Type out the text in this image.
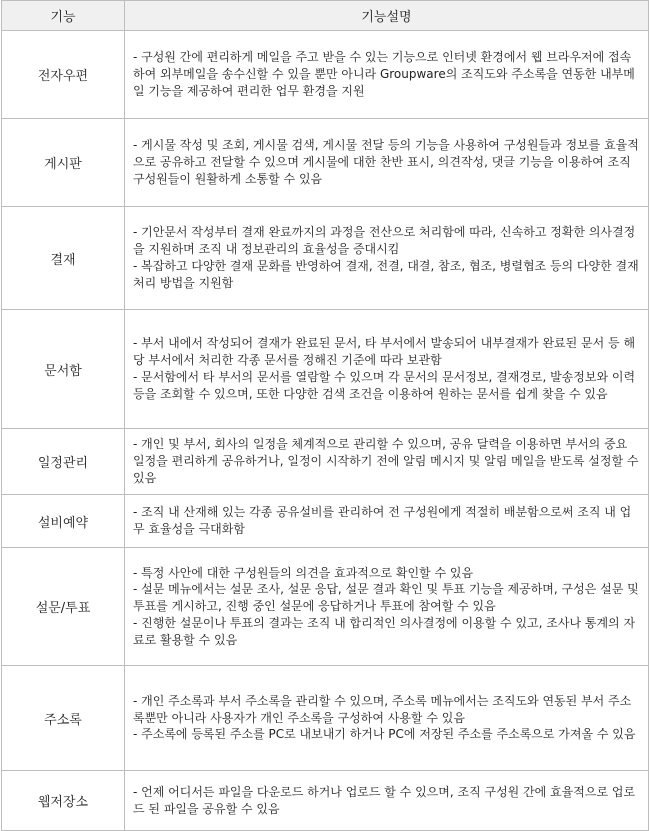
기능	기능설명
전자우편	- 구성원 간에 편리하게 메일을 주고 받을 수 있는 기능으로 인터넷 환경에서 웹 브라우저에 접속하여 외부메일을 송수신할 수 있을 뿐만 아니라 Groupware의 조직도와 주소록을 연동한 내부메일 기능을 제공하여 편리한 업무 환경을 지원

게시판	- 게시물 작성 및 조회, 게시물 검색, 게시물 전달 등의 기능을 사용하여 구성원들과 정보를 효율적으로 공유하고 전달할 수 있으며 게시물에 대한 찬반 표시, 의견작성, 댓글 기능을 이용하여 조직 구성원들이 원활하게 소통할 수 있음

결재	- 기안문서 작성부터 결재 완료까지의 과정을 전산으로 처리함에 따라, 신속하고 정확한 의사결정을 지원하며 조직 내 정보관리의 효율성을 증대시킴
- 복잡하고 다양한 결재 문화를 반영하여 결재, 전결, 대결, 참조, 협조, 병렬협조 등의 다양한 결재 처리 방법을 지원함

문서함	- 부서 내에서 작성되어 결재가 완료된 문서, 타 부서에서 발송되어 내부결재가 완료된 문서 등 해당 부서에서 처리한 각종 문서를 정해진 기준에 따라 보관함
- 문서함에서 타 부서의 문서를 열람할 수 있으며 각 문서의 문서정보, 결재경로, 발송정보와 이력 등을 조회할 수 있으며, 또한 다양한 검색 조건을 이용하여 원하는 문서를 쉽게 찾을 수 있음

일정관리	- 개인 및 부서, 회사의 일정을 체계적으로 관리할 수 있으며, 공유 달력을 이용하면 부서의 중요 일정을 편리하게 공유하거나, 일정이 시작하기 전에 알림 메시지 및 알림 메일을 받도록 설정할 수 있음

설비예약	- 조직 내 산재해 있는 각종 공유설비를 관리하여 전 구성원에게 적절히 배분함으로써 조직 내 업무 효율성을 극대화함

설문/투표	- 특정 사안에 대한 구성원들의 의견을 효과적으로 확인할 수 있음
- 설문 메뉴에서는 설문 조사, 설문 응답, 설문 결과 확인 및 투표 기능을 제공하며, 구성은 설문 및 투표를 게시하고, 진행 중인 설문에 응답하거나 투표에 참여할 수 있음
- 진행한 설문이나 투표의 결과는 조직 내 합리적인 의사결정에 이용할 수 있고, 조사나 통계의 자료로 활용할 수 있음

주소록	- 개인 주소록과 부서 주소록을 관리할 수 있으며, 주소록 메뉴에서는 조직도와 연동된 부서 주소록뿐만 아니라 사용자가 개인 주소록을 구성하여 사용할 수 있음
- 주소록에 등록된 주소를 PC로 내보내기 하거나 PC에 저장된 주소를 주소록으로 가져올 수 있음

웹저장소	- 언제 어디서든 파일을 다운로드 하거나 업로드 할 수 있으며, 조직 구성원 간에 효율적으로 업로드 된 파일을 공유할 수 있음
